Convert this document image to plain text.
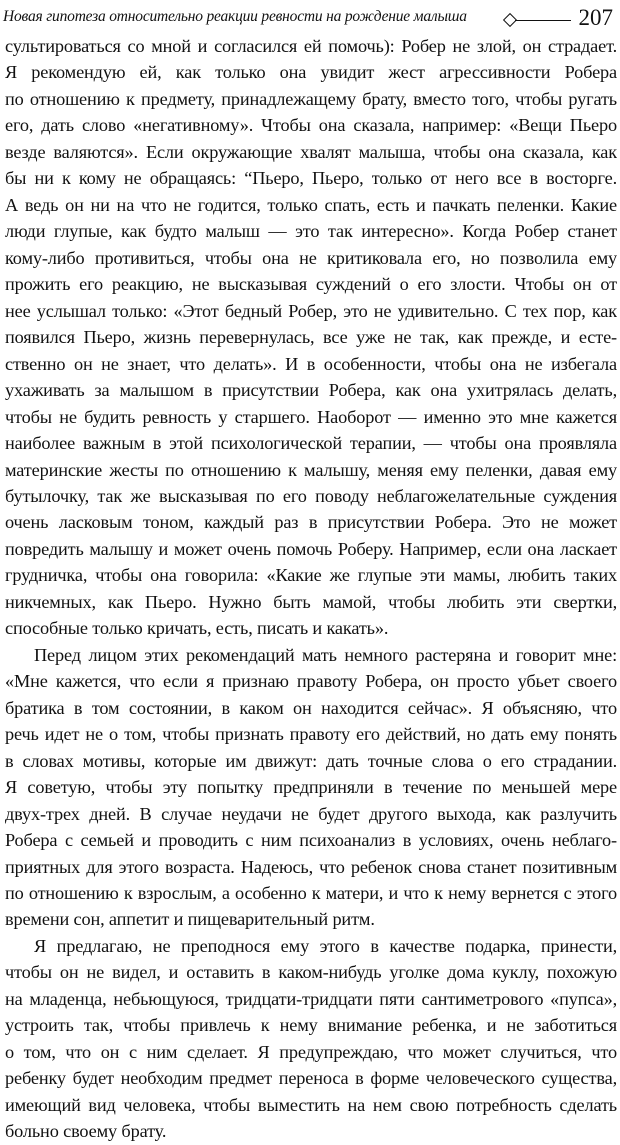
Новая гипотеза относительно реакции ревности на рождение малыша	207
сультироваться со мной и согласился ей помочь): Робер не злой, он страдает.
Я рекомендую ей, как только она увидит жест агрессивности Робера
по отношению к предмету, принадлежащему брату, вместо того, чтобы ругать
его, дать слово «негативному». Чтобы она сказала, например: «Вещи Пьеро
везде валяются». Если окружающие хвалят малыша, чтобы она сказала, как
бы ни к кому не обращаясь: “Пьеро, Пьеро, только от него все в восторге.
А ведь он ни на что не годится, только спать, есть и пачкать пеленки. Какие
люди глупые, как будто малыш — это так интересно». Когда Робер станет
кому-либо противиться, чтобы она не критиковала его, но позволила ему
прожить его реакцию, не высказывая суждений о его злости. Чтобы он от
нее услышал только: «Этот бедный Робер, это не удивительно. С тех пор, как
появился Пьеро, жизнь перевернулась, все уже не так, как прежде, и есте-
ственно он не знает, что делать». И в особенности, чтобы она не избегала
ухаживать за малышом в присутствии Робера, как она ухитрялась делать,
чтобы не будить ревность у старшего. Наоборот — именно это мне кажется
наиболее важным в этой психологической терапии, — чтобы она проявляла
материнские жесты по отношению к малышу, меняя ему пеленки, давая ему
бутылочку, так же высказывая по его поводу неблагожелательные суждения
очень ласковым тоном, каждый раз в присутствии Робера. Это не может
повредить малышу и может очень помочь Роберу. Например, если она ласкает
грудничка, чтобы она говорила: «Какие же глупые эти мамы, любить таких
никчемных, как Пьеро. Нужно быть мамой, чтобы любить эти свертки,
способные только кричать, есть, писать и какать».
Перед лицом этих рекомендаций мать немного растеряна и говорит мне:
«Мне кажется, что если я признаю правоту Робера, он просто убьет своего
братика в том состоянии, в каком он находится сейчас». Я объясняю, что
речь идет не о том, чтобы признать правоту его действий, но дать ему понять
в словах мотивы, которые им движут: дать точные слова о его страдании.
Я советую, чтобы эту попытку предприняли в течение по меньшей мере
двух-трех дней. В случае неудачи не будет другого выхода, как разлучить
Робера с семьей и проводить с ним психоанализ в условиях, очень неблаго-
приятных для этого возраста. Надеюсь, что ребенок снова станет позитивным
по отношению к взрослым, а особенно к матери, и что к нему вернется с этого
времени сон, аппетит и пищеварительный ритм.
Я предлагаю, не преподнося ему этого в качестве подарка, принести,
чтобы он не видел, и оставить в каком-нибудь уголке дома куклу, похожую
на младенца, небьющуюся, тридцати-тридцати пяти сантиметрового «пупса»,
устроить так, чтобы привлечь к нему внимание ребенка, и не заботиться
о том, что он с ним сделает. Я предупреждаю, что может случиться, что
ребенку будет необходим предмет переноса в форме человеческого существа,
имеющий вид человека, чтобы выместить на нем свою потребность сделать
больно своему брату.
